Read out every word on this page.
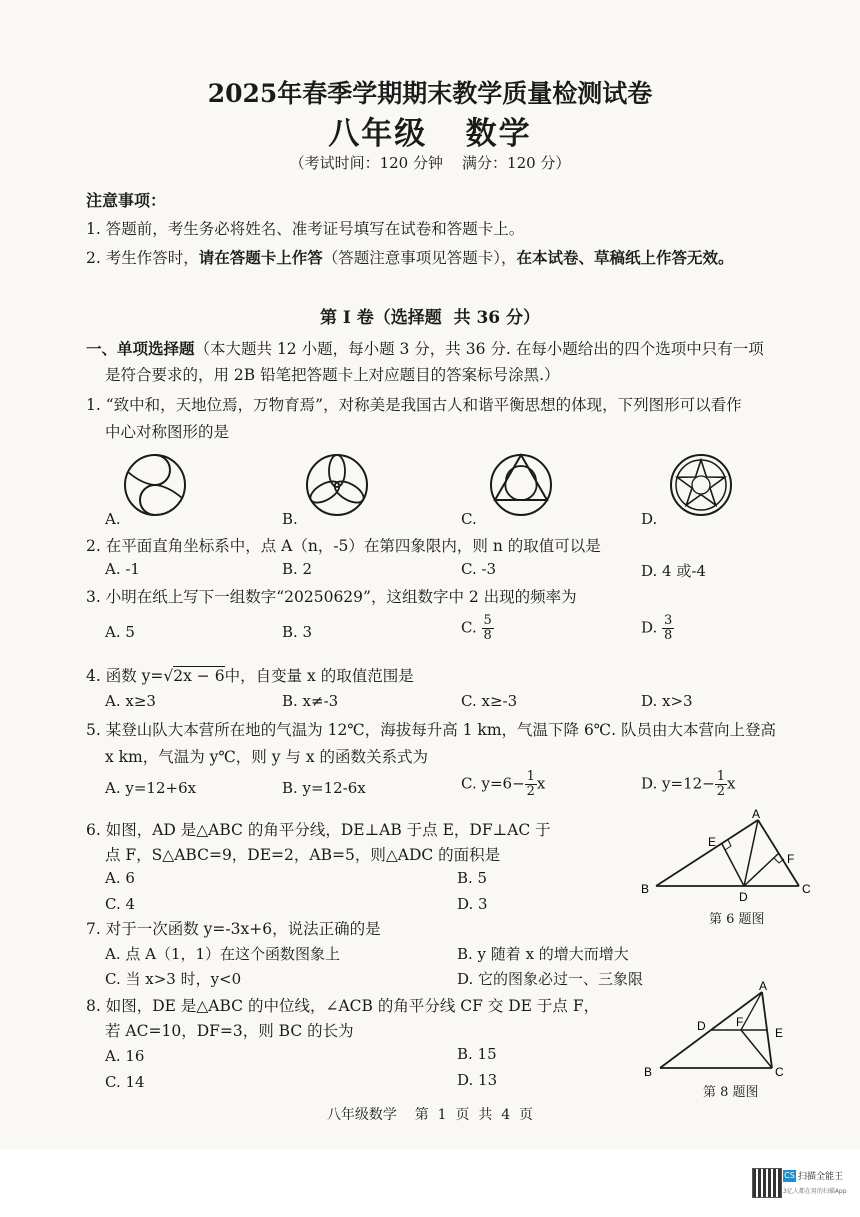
2025年春季学期期末教学质量检测试卷
八年级   数学
（考试时间：120 分钟    满分：120 分）
注意事项：
1. 答题前，考生务必将姓名、准考证号填写在试卷和答题卡上。
2. 考生作答时，请在答题卡上作答（答题注意事项见答题卡），在本试卷、草稿纸上作答无效。
第 I 卷（选择题  共 36 分）
一、单项选择题（本大题共 12 小题，每小题 3 分，共 36 分. 在每小题给出的四个选项中只有一项
是符合要求的，用 2B 铅笔把答题卡上对应题目的答案标号涂黑.）
1. “致中和，天地位焉，万物育焉”，对称美是我国古人和谐平衡思想的体现，下列图形可以看作
中心对称图形的是
A.	B.	C.	D.
2. 在平面直角坐标系中，点 A（n，-5）在第四象限内，则 n 的取值可以是
A. -1	B. 2	C. -3	D. 4 或-4
3. 小明在纸上写下一组数字“20250629”，这组数字中 2 出现的频率为
A. 5	B. 3	C. $\frac{5}{8}$	D. $\frac{3}{8}$
4. 函数 y=√2x − 6中，自变量 x 的取值范围是
A. x≥3	B. x≠-3	C. x≥-3	D. x>3
5. 某登山队大本营所在地的气温为 12℃，海拔每升高 1 km，气温下降 6℃. 队员由大本营向上登高
x km，气温为 y℃，则 y 与 x 的函数关系式为
A. y=12+6x	B. y=12-6x	C. $y=6- \frac{1}{2}$ x	D. $y=12- \frac{1}{2}$ x
6. 如图，AD 是△ABC 的角平分线，DE⊥AB 于点 E，DF⊥AC 于
点 F，S△ABC=9，DE=2，AB=5，则△ADC 的面积是
A. 6	B. 5
C. 4	D. 3
A
E
F
B
D
C
第 6 题图
7. 对于一次函数 y=-3x+6，说法正确的是
A. 点 A（1，1）在这个函数图象上	B. y 随着 x 的增大而增大
C. 当 x>3 时，y<0	D. 它的图象必过一、三象限
8. 如图，DE 是△ABC 的中位线，∠ACB 的角平分线 CF 交 DE 于点 F，
若 AC=10，DF=3，则 BC 的长为
A. 16	B. 15
C. 14	D. 13
A
D	F
E
B	C
第 8 题图
八年级数学    第  1  页  共  4  页
CS 扫描全能王
3亿人都在用的扫描App
